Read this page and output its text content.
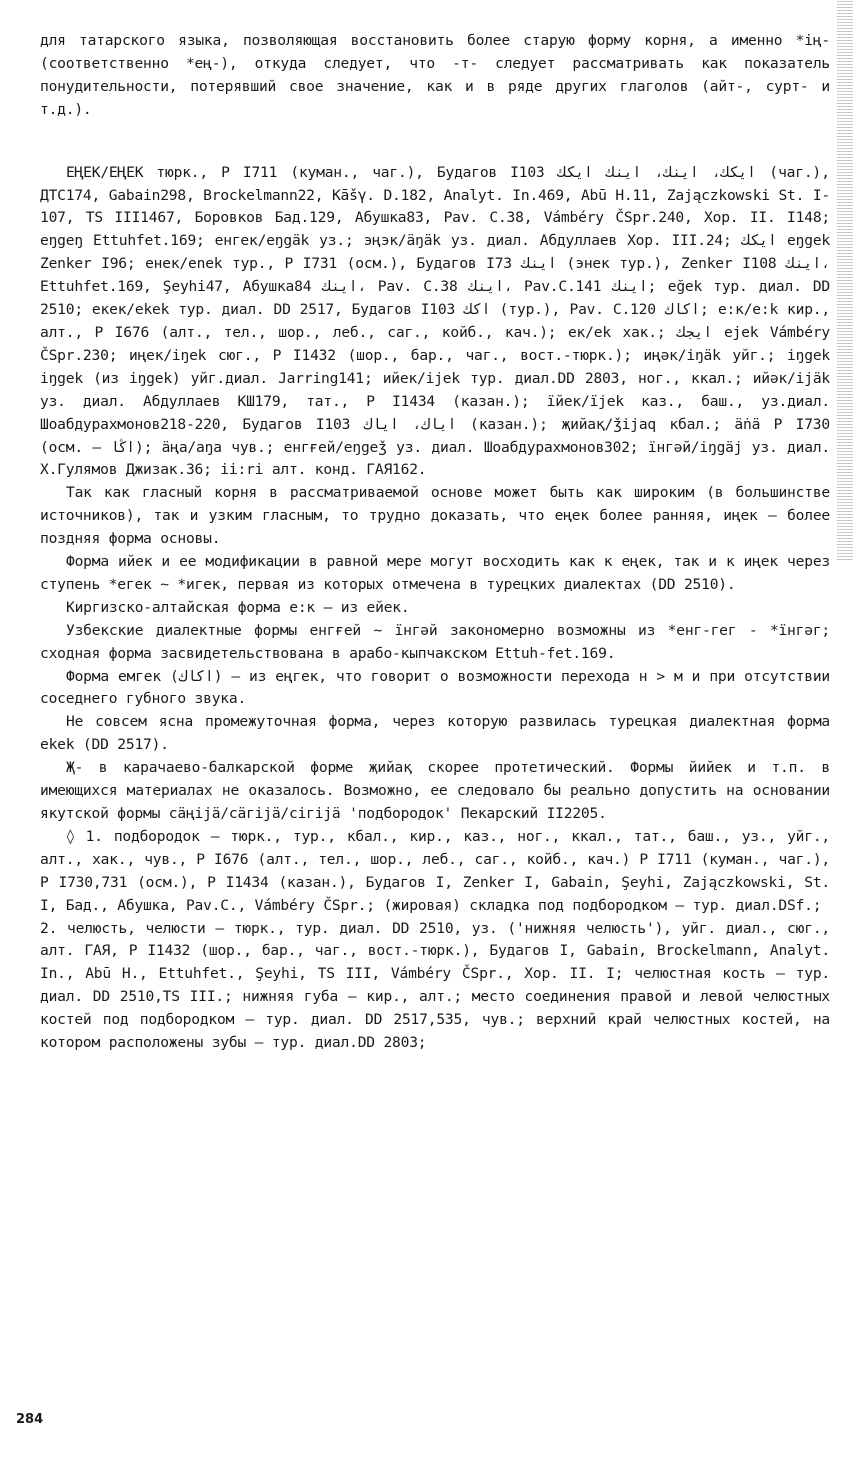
для татарского языка, позволяющая восстановить более старую форму корня, а именно *iң- (соответственно *eң-), откуда следует, что -т- следует рассматривать как показатель понудительности, потерявший свое значение, как и в ряде других глаголов (айт-, сурт- и т.д.).

ЕҢЕК/ЕҢЕК тюрк., P I711 (куман., чаг.), Будагов I103 ايكك، اينك، اينك ايكك (чаг.), ДТС174, Gabain298, Brockelmann22, Kāšγ. D.182, Analyt. In.469, Abū H.11, Zajączkowski St. I-107, TS III1467, Боровков Бад.129, Абушка83, Pav. C.38, Vámbéry ČSpr.240, Хор. II. I148; eŋgeŋ Ettuhfet.169; енгек/eŋgäk уз.; эңэк/äŋäk уз. диал. Абдуллаев Хор. III.24; ايكك eŋgek Zenker I96; енек/enek тур., P I731 (осм.), Будагов I73 اينك (энек тур.), Zenker I108 اينك، Ettuhfet.169, Şeyhi47, Абушка84 اينك، Pav. C.38 اينك، Pav.C.141 اينك; eğek тур. диал. DD 2510; екек/ekek тур. диал. DD 2517, Будагов I103 اكك (тур.), Pav. C.120 اكاك; e:к/e:k кир., алт., P I676 (алт., тел., шор., леб., саг., койб., кач.); ек/ek хак.; ايجك ejek Vámbéry ČSpr.230; иңек/iŋek сюг., P I1432 (шор., бар., чаг., вост.-тюрк.); иңәк/iŋäk уйг.; iŋgek iŋgek (из iŋgek) уйг.диал. Jarring141; ийек/ijek тур. диал.DD 2803, ног., ккал.; ийәк/ijäk уз. диал. Абдуллаев КШ179, тат., P I1434 (казан.); їйек/ïjek каз., баш., уз.диал. Шоабдурахмонов218-220, Будагов I103 اياك، اياك (казан.); җийақ/ǯijaq кбал.; äṅä P I730 (осм. – اڭا); äңa/aŋa чув.; енгғей/eŋgeǯ уз. диал. Шоабдурахмонов302; їнгәй/iŋgäj уз. диал. Х.Гулямов Джизак.36; ii:ri алт. конд. ГАЯ162.

Так как гласный корня в рассматриваемой основе может быть как широким (в большинстве источников), так и узким гласным, то трудно доказать, что еңек более ранняя, иңек – более поздняя форма основы.

Форма ийек и ее модификации в равной мере могут восходить как к еңек, так и к иңек через ступень *егек ~ *игек, первая из которых отмечена в турецких диалектах (DD 2510).

Киргизско-алтайская форма е:к – из ейек.

Узбекские диалектные формы енгғей ~ їнгәй закономерно возможны из *енг-гег - *їнгәг; сходная форма засвидетельствована в арабо-кыпчакском Ettuh-fet.169.

Форма емгек (اكاك) – из еңгек, что говорит о возможности перехода н > м и при отсутствии соседнего губного звука.

Не совсем ясна промежуточная форма, через которую развилась турецкая диалектная форма ekek (DD 2517).

Җ- в карачаево-балкарской форме җийақ скорее протетический. Формы йийек и т.п. в имеющихся материалах не оказалось. Возможно, ее следовало бы реально допустить на основании якутской формы сäңiјä/сäгiјä/сiгiјä 'подбородок' Пекарский II2205.

◊ 1. подбородок – тюрк., тур., кбал., кир., каз., ног., ккал., тат., баш., уз., уйг., алт., хак., чув., P I676 (алт., тел., шор., леб., саг., койб., кач.) P I711 (куман., чаг.), P I730,731 (осм.), P I1434 (казан.), Будагов I, Zenker I, Gabain, Şeyhi, Zajączkowski, St. I, Бад., Абушка, Pav.C., Vámbéry ČSpr.; (жировая) складка под подбородком – тур. диал.DSf.;

2. челюсть, челюсти – тюрк., тур. диал. DD 2510, уз. ('нижняя челюсть'), уйг. диал., сюг., алт. ГАЯ, P I1432 (шор., бар., чаг., вост.-тюрк.), Будагов I, Gabain, Brockelmann, Analyt. In., Abū H., Ettuhfet., Şeyhi, TS III, Vámbéry ČSpr., Хор. II. I; челюстная кость – тур. диал. DD 2510,TS III.; нижняя губа – кир., алт.; место соединения правой и левой челюстных костей под подбородком – тур. диал. DD 2517,535, чув.; верхний край челюстных костей, на котором расположены зубы – тур. диал.DD 2803;

284
